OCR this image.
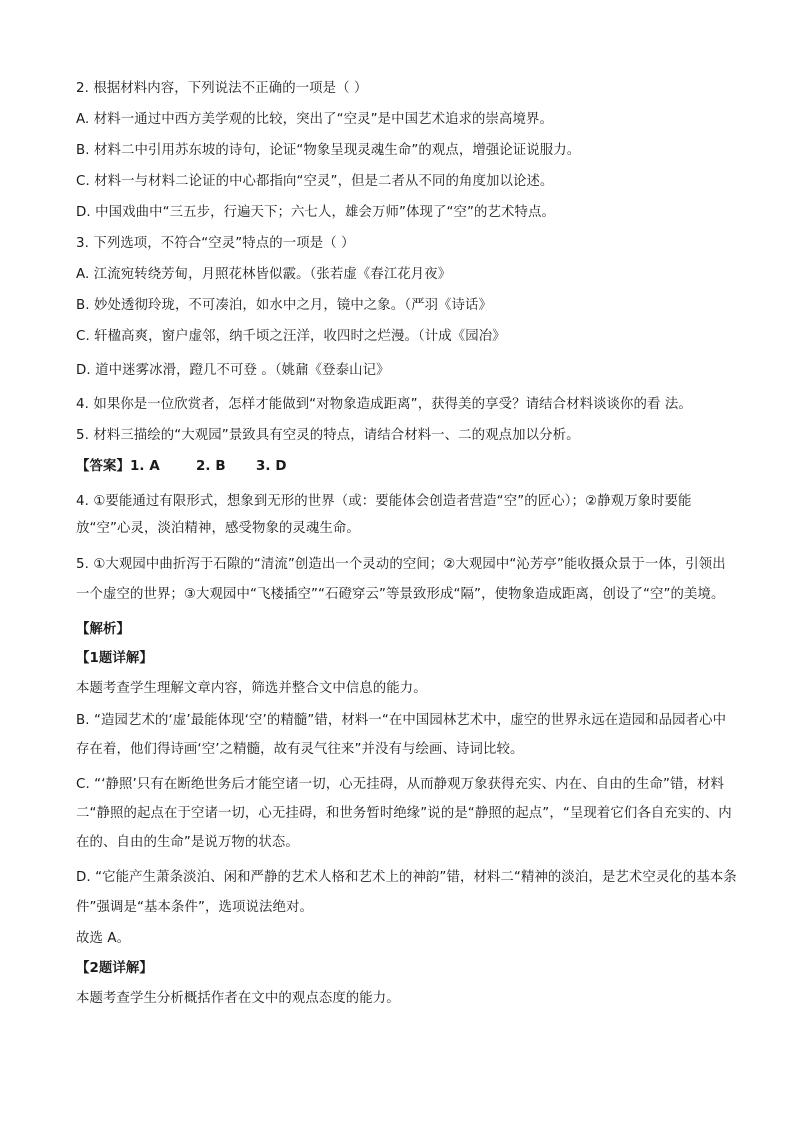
2. 根据材料内容，下列说法不正确的一项是（ ）

A. 材料一通过中西方美学观的比较，突出了“空灵”是中国艺术追求的崇高境界。

B. 材料二中引用苏东坡的诗句，论证“物象呈现灵魂生命”的观点，增强论证说服力。

C. 材料一与材料二论证的中心都指向“空灵”，但是二者从不同的角度加以论述。

D. 中国戏曲中“三五步，行遍天下；六七人，雄会万师”体现了“空”的艺术特点。

3. 下列选项，不符合“空灵”特点的一项是（ ）

A. 江流宛转绕芳甸，月照花林皆似霰。（张若虚《春江花月夜》

B. 妙处透彻玲珑，不可凑泊，如水中之月，镜中之象。（严羽《诗话》

C. 轩楹高爽，窗户虚邻，纳千顷之汪洋，收四时之烂漫。（计成《园冶》

D. 道中迷雾冰滑，蹬几不可登 。（姚鼐《登泰山记》

4. 如果你是一位欣赏者，怎样才能做到“对物象造成距离”，获得美的享受？请结合材料谈谈你的看 法。

5. 材料三描绘的“大观园”景致具有空灵的特点，请结合材料一、二的观点加以分析。

【答案】1. A	2. B 3. D

4. ①要能通过有限形式，想象到无形的世界（或：要能体会创造者营造“空”的匠心）；②静观万象时要能放“空”心灵，淡泊精神，感受物象的灵魂生命。

5. ①大观园中曲折泻于石隙的“清流”创造出一个灵动的空间；②大观园中“沁芳亭”能收摄众景于一体，引领出一个虚空的世界；③大观园中“飞楼插空”“石磴穿云”等景致形成“隔”，使物象造成距离，创设了“空”的美境。

【解析】

【1题详解】

本题考查学生理解文章内容，筛选并整合文中信息的能力。

B. “造园艺术的‘虚’最能体现‘空’的精髓”错，材料一“在中国园林艺术中，虚空的世界永远在造园和品园者心中存在着，他们得诗画‘空’之精髓，故有灵气往来”并没有与绘画、诗词比较。

C. “‘静照’只有在断绝世务后才能空诸一切，心无挂碍，从而静观万象获得充实、内在、自由的生命”错，材料二“静照的起点在于空诸一切，心无挂碍，和世务暂时绝缘”说的是“静照的起点”，“呈现着它们各自充实的、内在的、自由的生命”是说万物的状态。

D. “它能产生萧条淡泊、闲和严静的艺术人格和艺术上的神韵”错，材料二“精神的淡泊，是艺术空灵化的基本条件”强调是“基本条件”，选项说法绝对。

故选 A。

【2题详解】

本题考查学生分析概括作者在文中的观点态度的能力。
